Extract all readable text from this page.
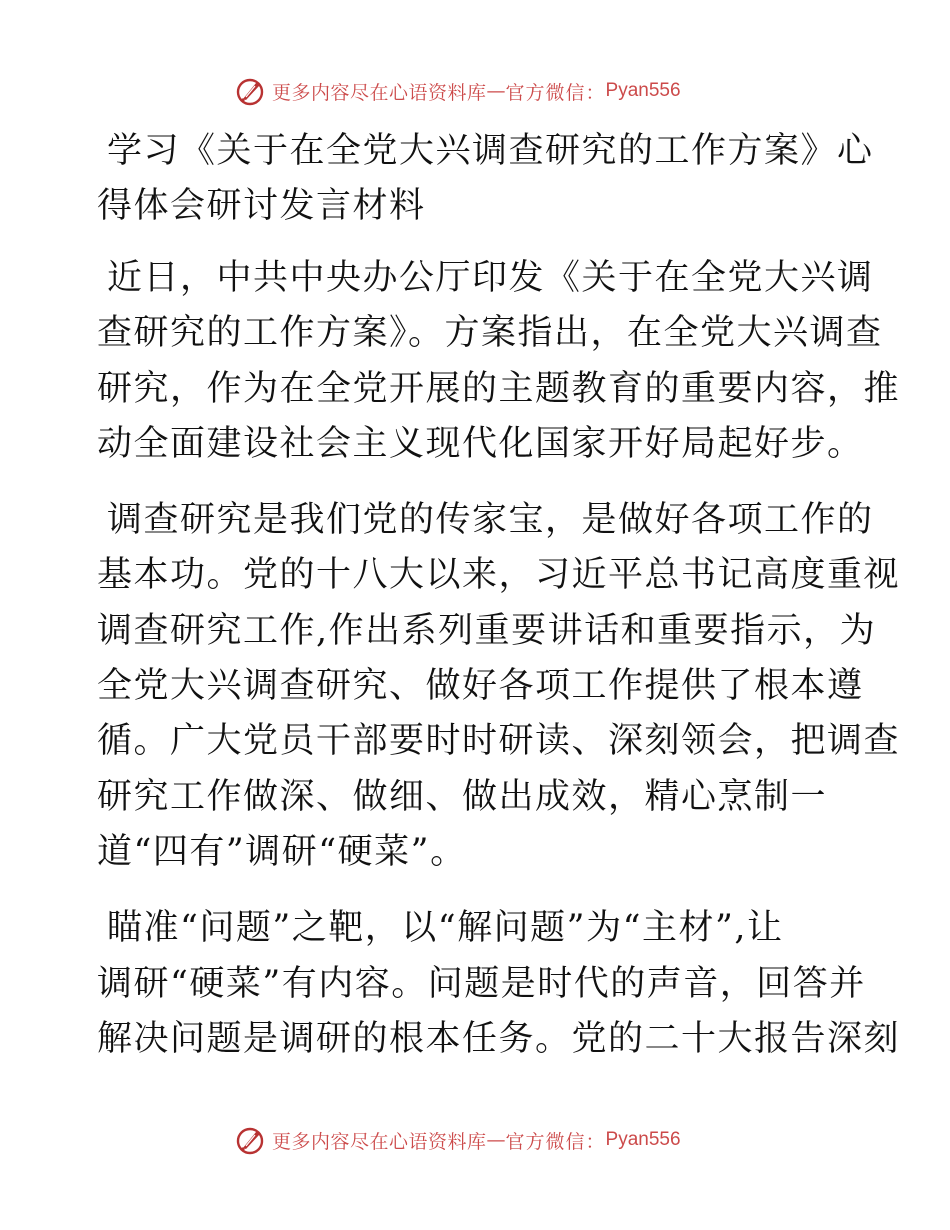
更多内容尽在心语资料库 — 官方微信： Pyan556
学习《关于在全党大兴调查研究的工作方案》心
得体会研讨发言材料
近日，中共中央办公厅印发《关于在全党大兴调
查研究的工作方案》。方案指出，在全党大兴调查
研究，作为在全党开展的主题教育的重要内容，推
动全面建设社会主义现代化国家开好局起好步。
调查研究是我们党的传家宝，是做好各项工作的
基本功。党的十八大以来，习近平总书记高度重视
调查研究工作,作出系列重要讲话和重要指示，为
全党大兴调查研究、做好各项工作提供了根本遵
循。广大党员干部要时时研读、深刻领会，把调查
研究工作做深、做细、做出成效，精心烹制一
道“四有”调研“硬菜”。
瞄准“问题”之靶，以“解问题”为“主材”,让
调研“硬菜”有内容。问题是时代的声音，回答并
解决问题是调研的根本任务。党的二十大报告深刻
更多内容尽在心语资料库 — 官方微信： Pyan556
